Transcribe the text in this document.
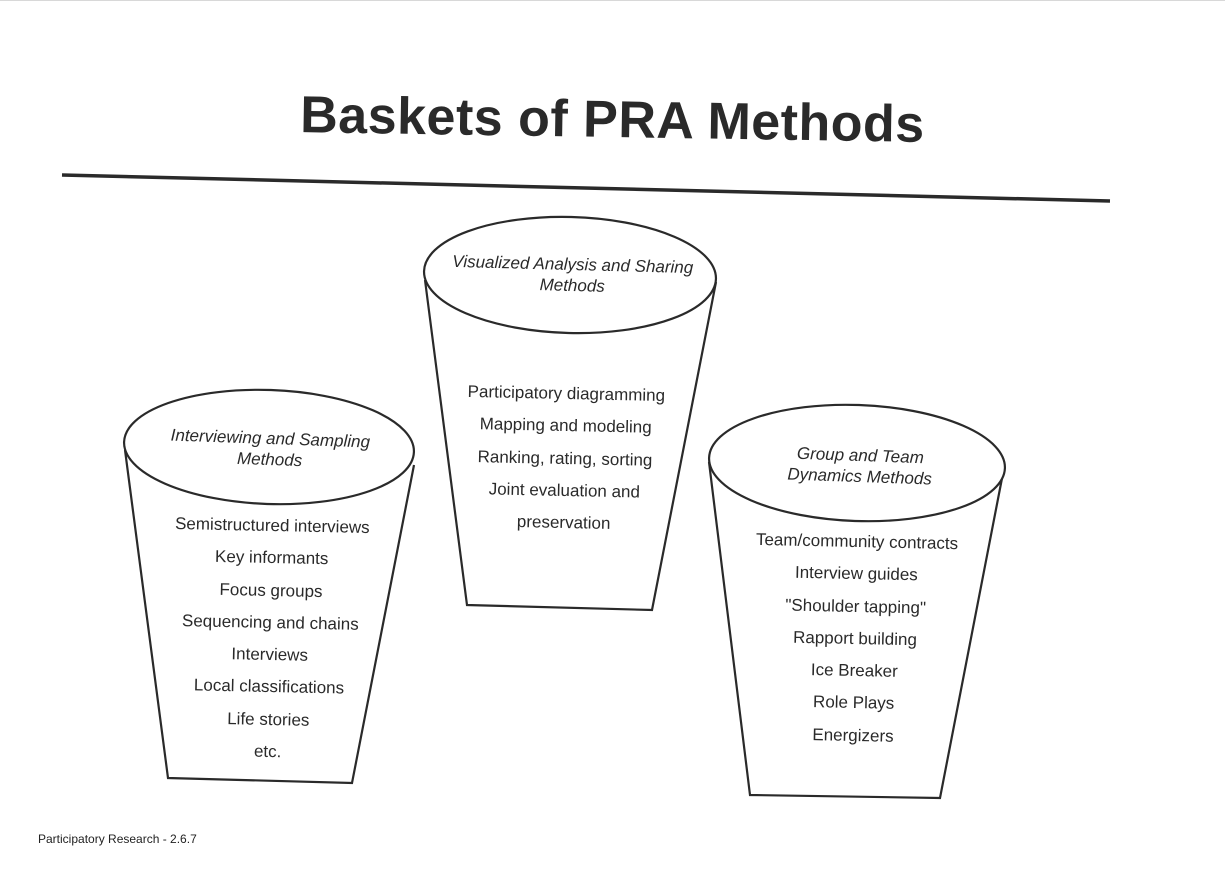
Baskets of PRA Methods
Interviewing and Sampling Methods
Semistructured interviews
Key informants
Focus groups
Sequencing and chains
Interviews
Local classifications
Life stories
etc.
Visualized Analysis and Sharing Methods
Participatory diagramming
Mapping and modeling
Ranking, rating, sorting
Joint evaluation and
preservation
Group and Team Dynamics Methods
Team/community contracts
Interview guides
"Shoulder tapping"
Rapport building
Ice Breaker
Role Plays
Energizers
Participatory Research - 2.6.7
